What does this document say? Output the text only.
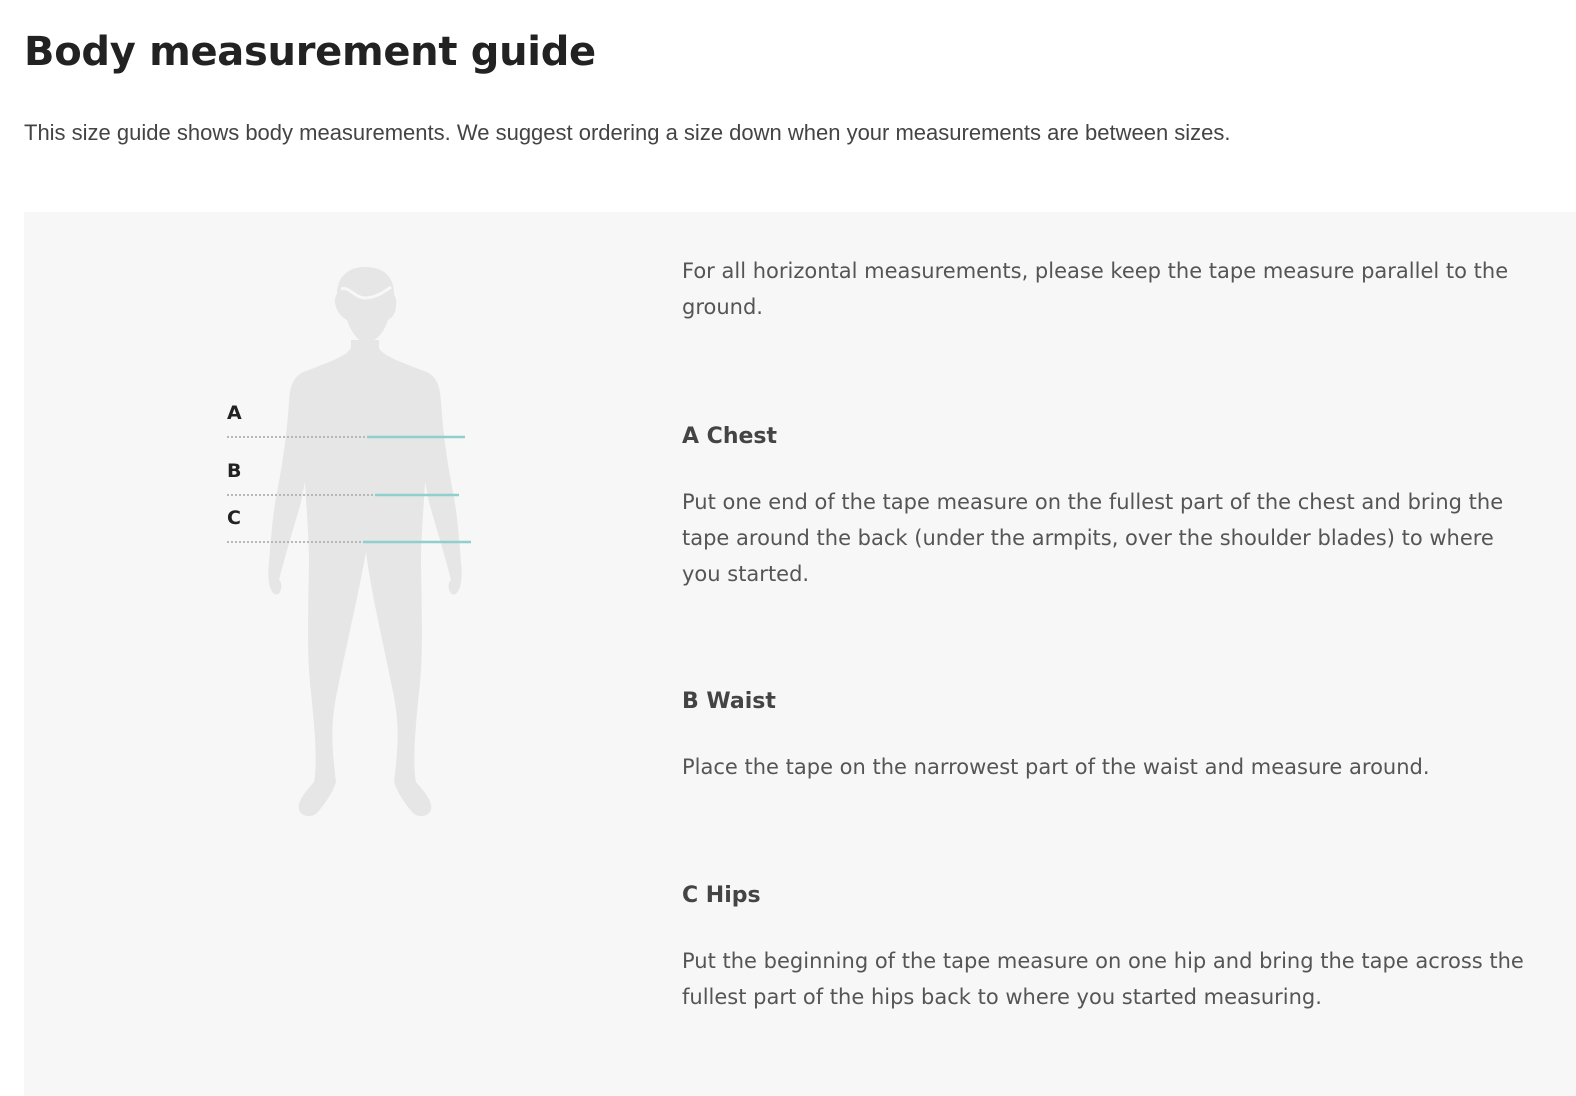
Body measurement guide

This size guide shows body measurements. We suggest ordering a size down when your measurements are between sizes.

A
B
C

For all horizontal measurements, please keep the tape measure parallel to the ground.

A Chest

Put one end of the tape measure on the fullest part of the chest and bring the tape around the back (under the armpits, over the shoulder blades) to where you started.

B Waist

Place the tape on the narrowest part of the waist and measure around.

C Hips

Put the beginning of the tape measure on one hip and bring the tape across the fullest part of the hips back to where you started measuring.
